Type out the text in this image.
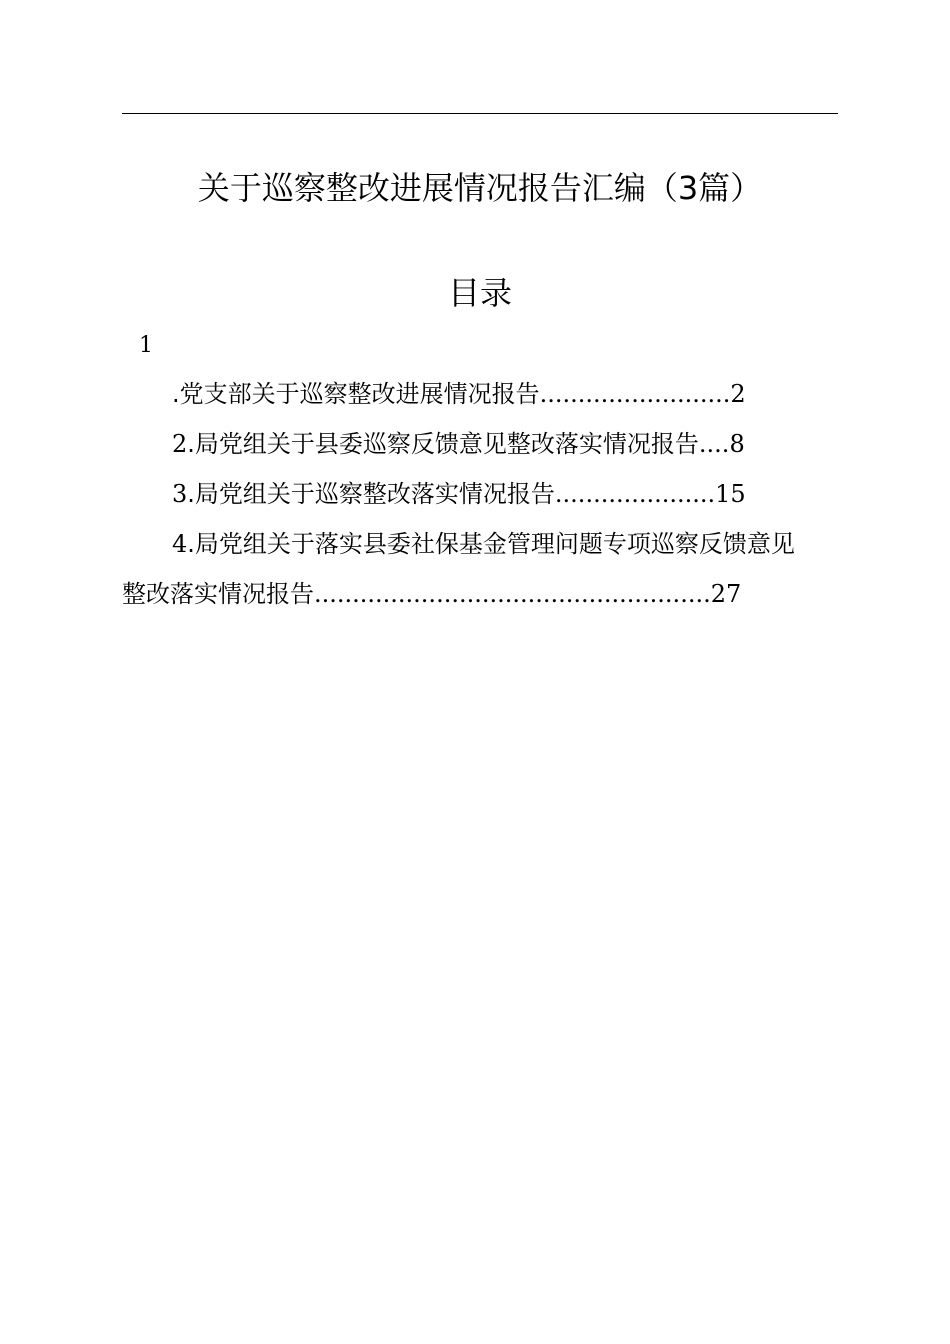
关于巡察整改进展情况报告汇编（3篇）
目录
1
.党支部关于巡察整改进展情况报告.........................2
2.局党组关于县委巡察反馈意见整改落实情况报告....8
3.局党组关于巡察整改落实情况报告.....................15
4.局党组关于落实县委社保基金管理问题专项巡察反馈意见
整改落实情况报告....................................................27
